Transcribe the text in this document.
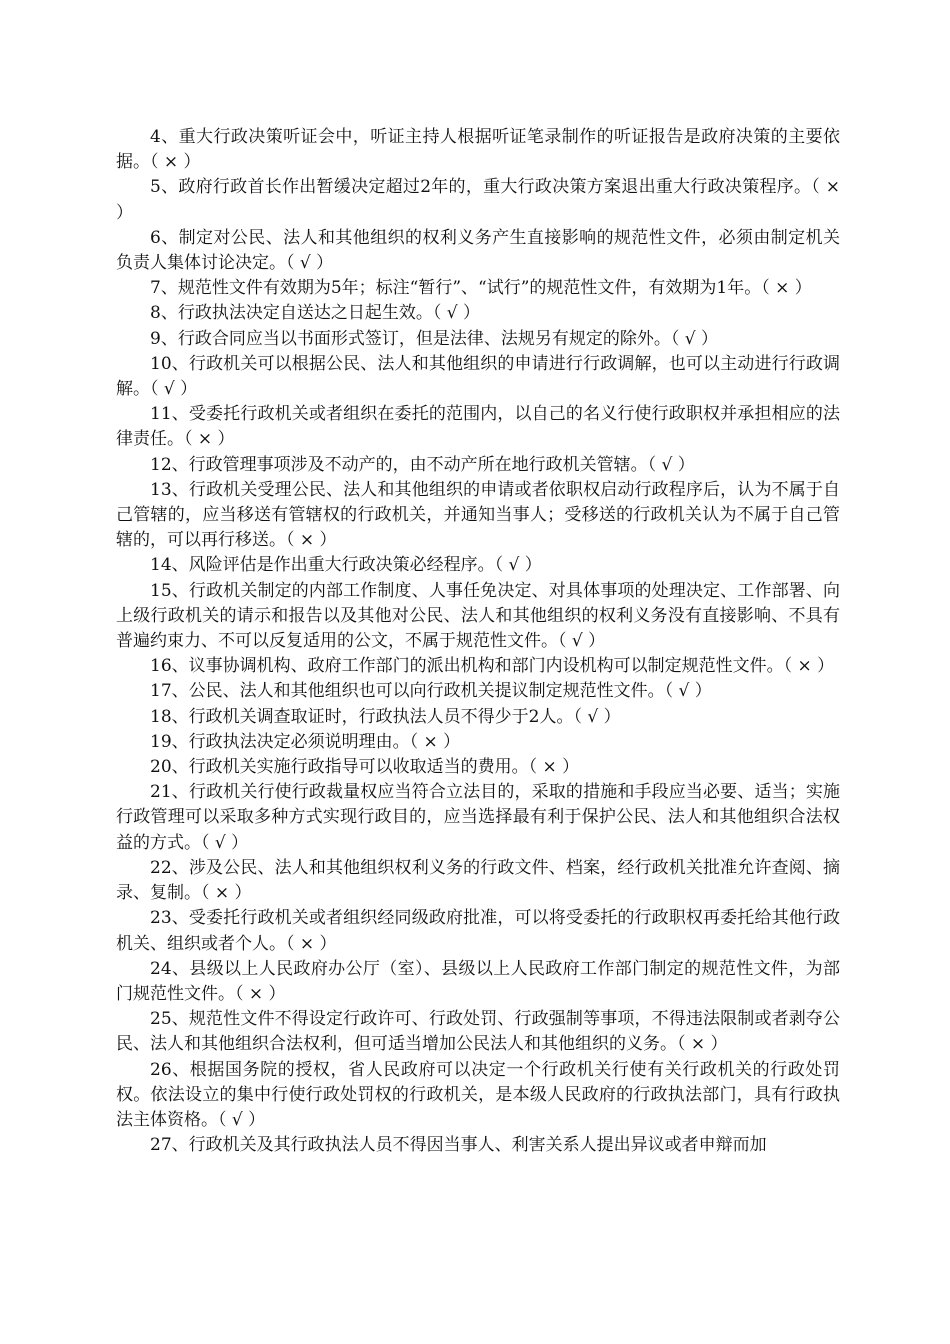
4、重大行政决策听证会中，听证主持人根据听证笔录制作的听证报告是政府决策的主要依据。（ × ）

5、政府行政首长作出暂缓决定超过2年的，重大行政决策方案退出重大行政决策程序。（ × ）

6、制定对公民、法人和其他组织的权利义务产生直接影响的规范性文件，必须由制定机关负责人集体讨论决定。（ √ ）

7、规范性文件有效期为5年；标注“暂行”、“试行”的规范性文件，有效期为1年。（ × ）

8、行政执法决定自送达之日起生效。（ √ ）

9、行政合同应当以书面形式签订，但是法律、法规另有规定的除外。（ √ ）

10、行政机关可以根据公民、法人和其他组织的申请进行行政调解，也可以主动进行行政调解。（ √ ）

11、受委托行政机关或者组织在委托的范围内，以自己的名义行使行政职权并承担相应的法律责任。（ × ）

12、行政管理事项涉及不动产的，由不动产所在地行政机关管辖。（ √ ）

13、行政机关受理公民、法人和其他组织的申请或者依职权启动行政程序后，认为不属于自己管辖的，应当移送有管辖权的行政机关，并通知当事人；受移送的行政机关认为不属于自己管辖的，可以再行移送。（ × ）

14、风险评估是作出重大行政决策必经程序。（ √ ）

15、行政机关制定的内部工作制度、人事任免决定、对具体事项的处理决定、工作部署、向上级行政机关的请示和报告以及其他对公民、法人和其他组织的权利义务没有直接影响、不具有普遍约束力、不可以反复适用的公文，不属于规范性文件。（ √ ）

16、议事协调机构、政府工作部门的派出机构和部门内设机构可以制定规范性文件。（ × ）

17、公民、法人和其他组织也可以向行政机关提议制定规范性文件。（ √ ）

18、行政机关调查取证时，行政执法人员不得少于2人。（ √ ）

19、行政执法决定必须说明理由。（ × ）

20、行政机关实施行政指导可以收取适当的费用。（ × ）

21、行政机关行使行政裁量权应当符合立法目的，采取的措施和手段应当必要、适当；实施行政管理可以采取多种方式实现行政目的，应当选择最有利于保护公民、法人和其他组织合法权益的方式。（ √ ）

22、涉及公民、法人和其他组织权利义务的行政文件、档案，经行政机关批准允许查阅、摘录、复制。（ × ）

23、受委托行政机关或者组织经同级政府批准，可以将受委托的行政职权再委托给其他行政机关、组织或者个人。（ × ）

24、县级以上人民政府办公厅（室）、县级以上人民政府工作部门制定的规范性文件，为部门规范性文件。（ × ）

25、规范性文件不得设定行政许可、行政处罚、行政强制等事项，不得违法限制或者剥夺公民、法人和其他组织合法权利，但可适当增加公民法人和其他组织的义务。（ × ）

26、根据国务院的授权，省人民政府可以决定一个行政机关行使有关行政机关的行政处罚权。依法设立的集中行使行政处罚权的行政机关，是本级人民政府的行政执法部门，具有行政执法主体资格。（ √ ）

27、行政机关及其行政执法人员不得因当事人、利害关系人提出异议或者申辩而加
